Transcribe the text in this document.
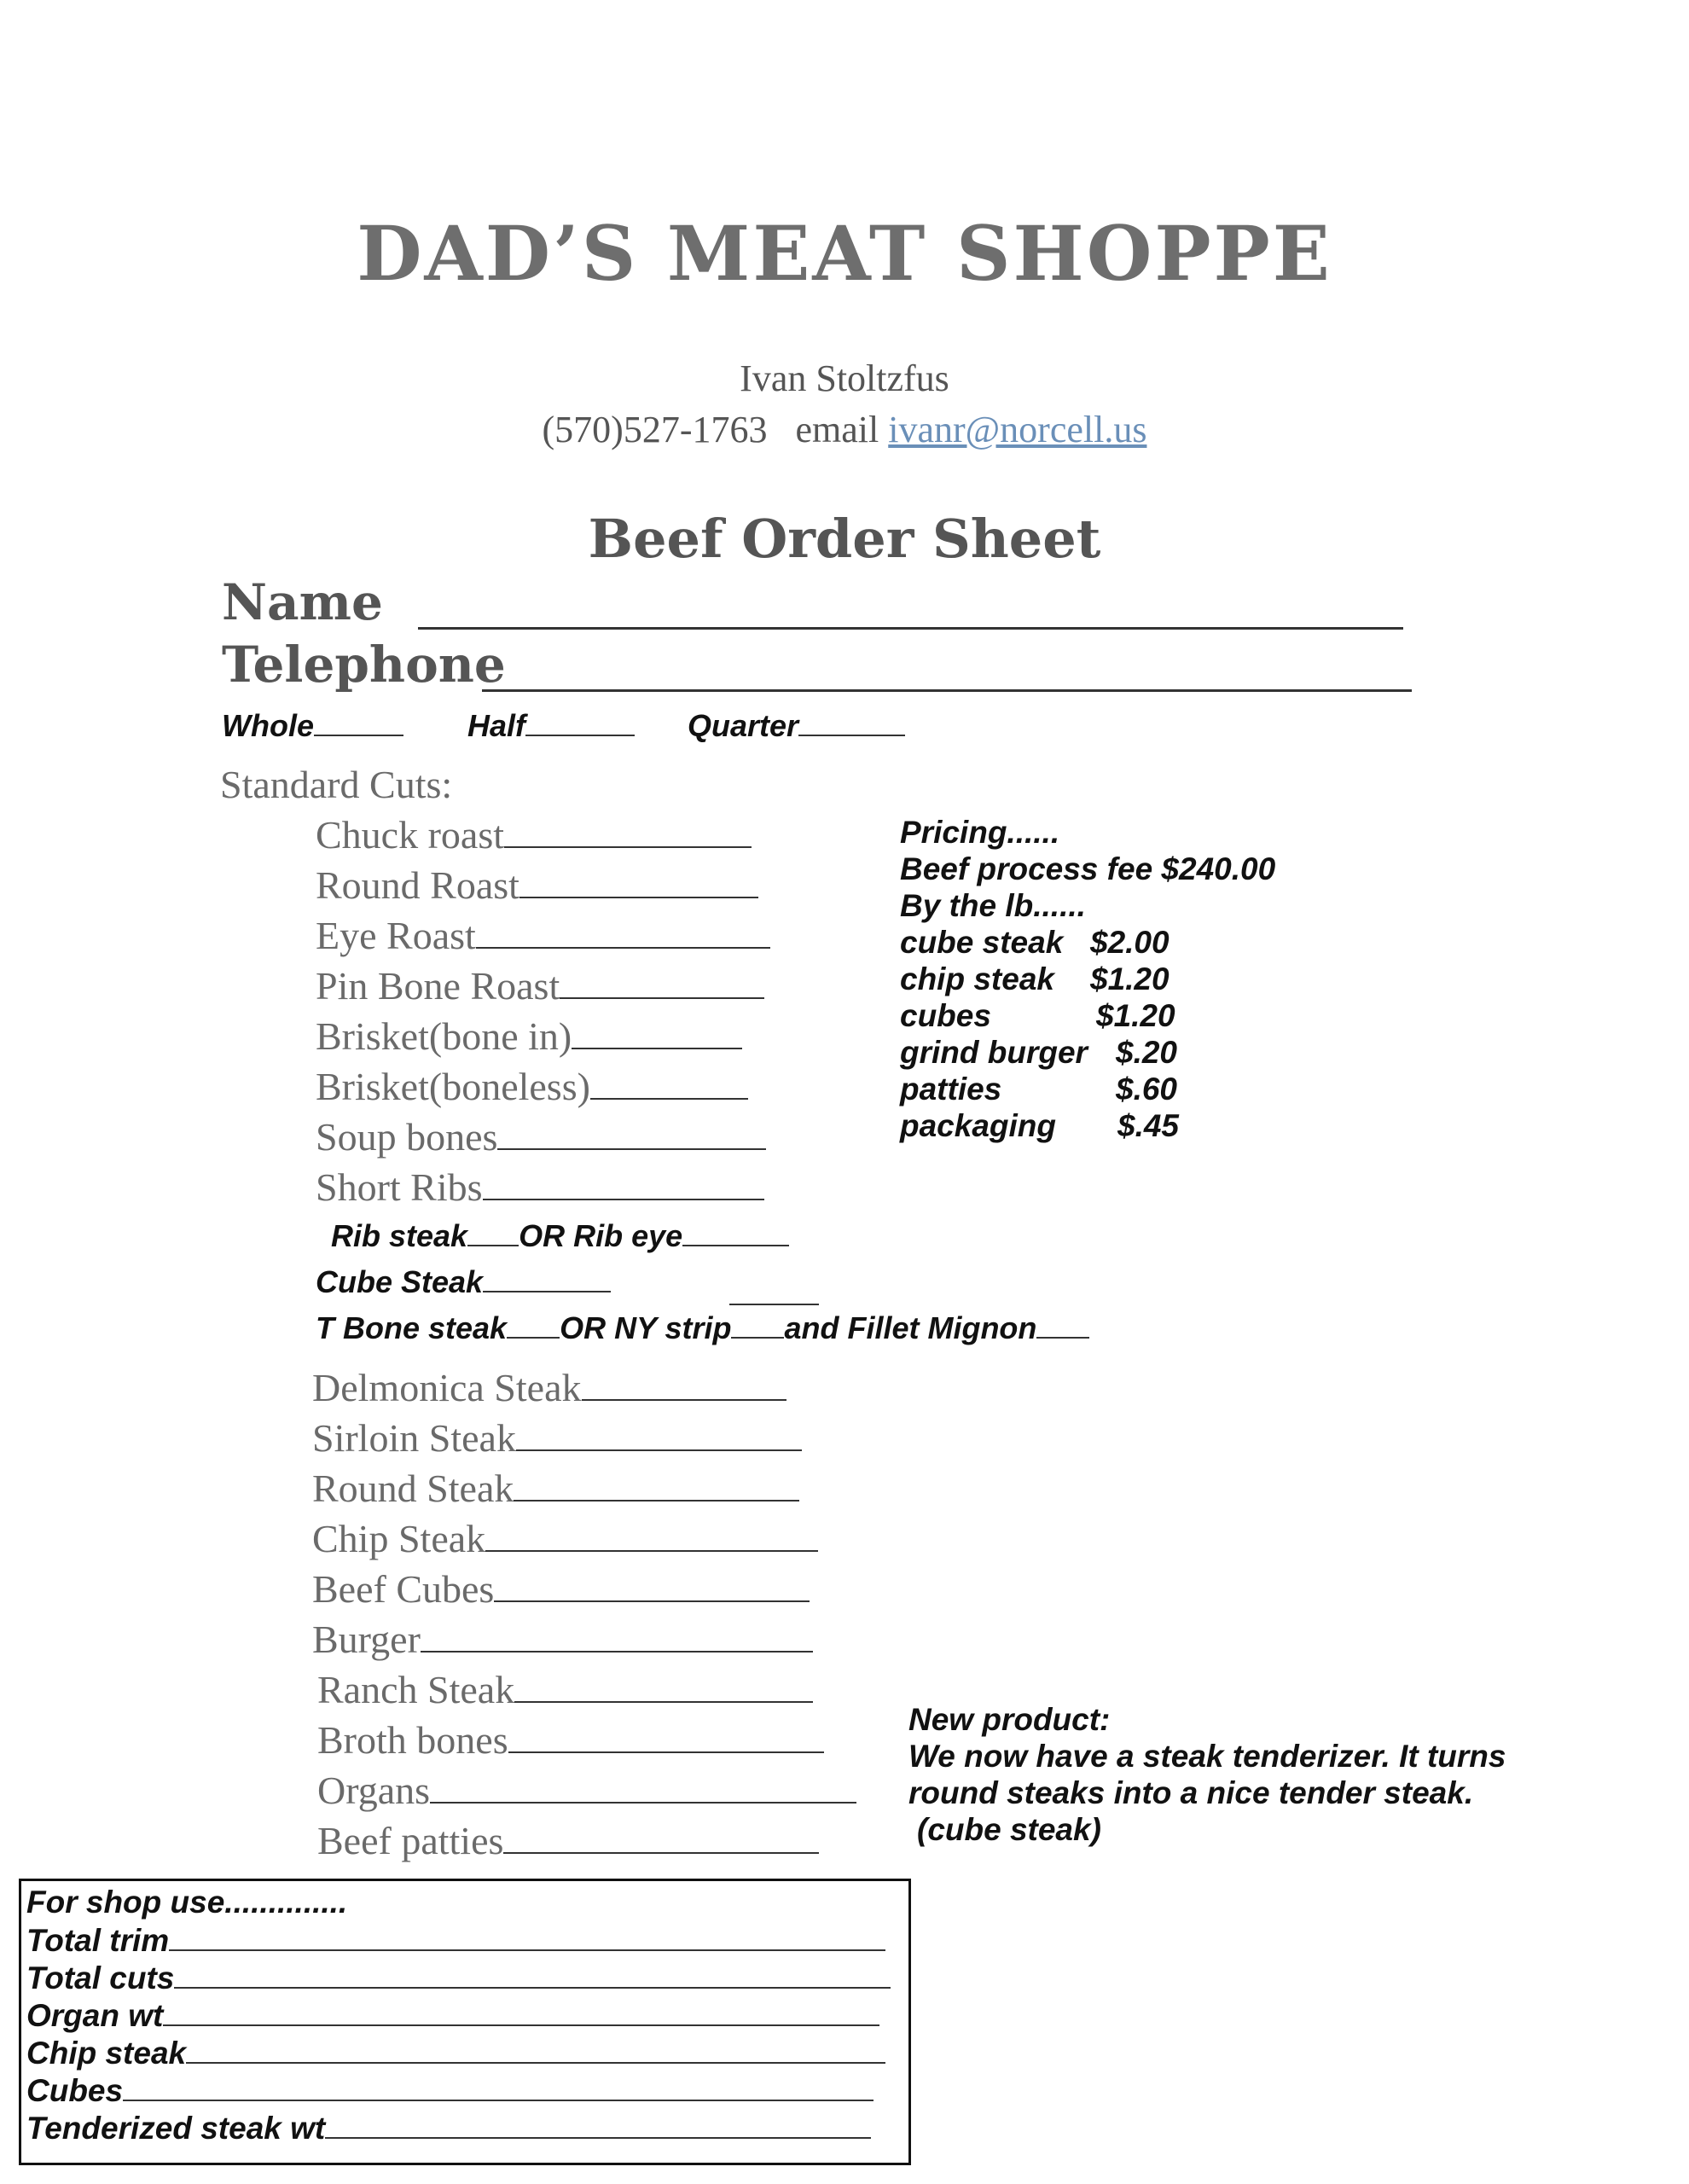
DAD’S MEAT SHOPPE
Ivan Stoltzfus
(570)527-1763 email ivanr@norcell.us
Beef Order Sheet
Name
Telephone
Whole	Half	Quarter
Standard Cuts:
Chuck roast
Round Roast
Eye Roast
Pin Bone Roast
Brisket(bone in)
Brisket(boneless)
Soup bones
Short Ribs
Rib steak OR Rib eye
Cube Steak
T Bone steak OR NY strip and Fillet Mignon
Delmonica Steak
Sirloin Steak
Round Steak
Chip Steak
Beef Cubes
Burger
Ranch Steak
Broth bones
Organs
Beef patties
Pricing......
Beef process fee $240.00
By the lb......
cube steak $2.00
chip steak $1.20
cubes	$1.20
grind burger $.20
patties	$.60
packaging $.45
New product:
We now have a steak tenderizer. It turns
round steaks into a nice tender steak.
(cube steak)
For shop use..............
Total trim
Total cuts
Organ wt
Chip steak
Cubes
Tenderized steak wt
